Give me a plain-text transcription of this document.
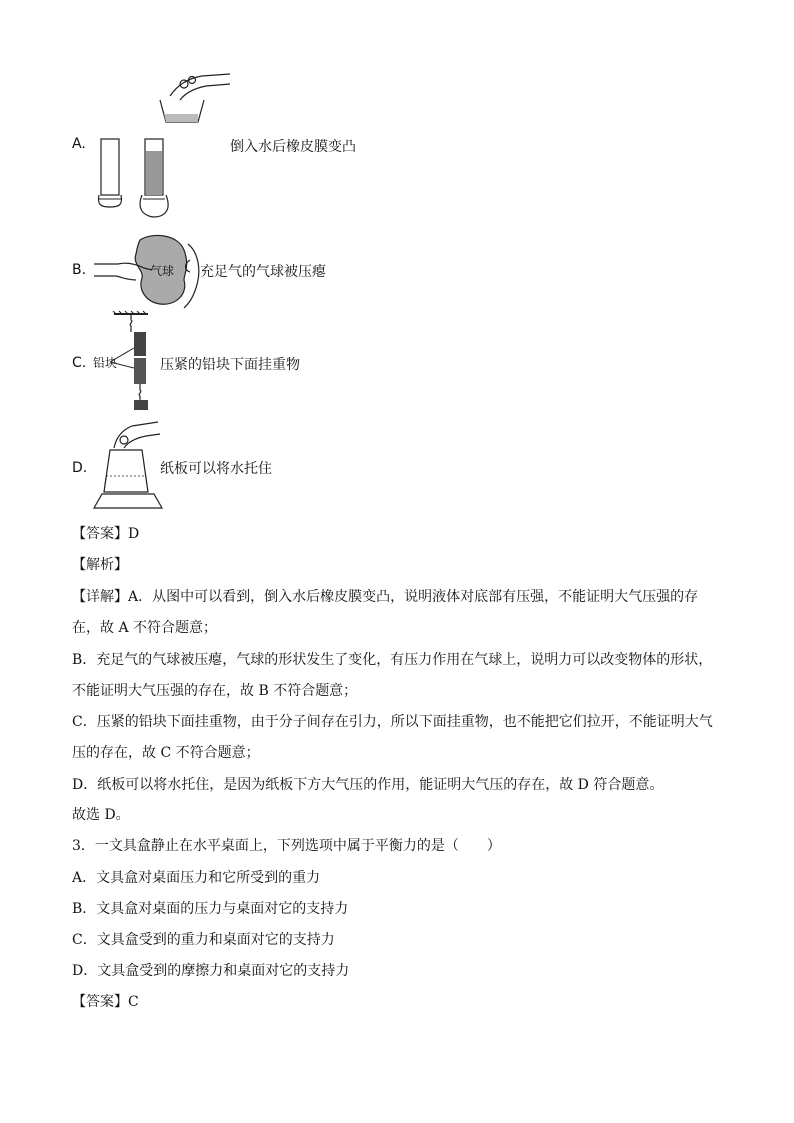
A.	倒入水后橡皮膜变凸
B.	气球 充足气的气球被压瘪
C. 铅块	压紧的铅块下面挂重物
D.	纸板可以将水托住
【答案】D
【解析】
【详解】A．从图中可以看到，倒入水后橡皮膜变凸，说明液体对底部有压强，不能证明大气压强的存
在，故 A 不符合题意；
B．充足气的气球被压瘪，气球的形状发生了变化，有压力作用在气球上，说明力可以改变物体的形状，
不能证明大气压强的存在，故 B 不符合题意；
C．压紧的铅块下面挂重物，由于分子间存在引力，所以下面挂重物，也不能把它们拉开，不能证明大气
压的存在，故 C 不符合题意；
D．纸板可以将水托住，是因为纸板下方大气压的作用，能证明大气压的存在，故 D 符合题意。
故选 D。
3．一文具盒静止在水平桌面上，下列选项中属于平衡力的是（　　）
A．文具盒对桌面压力和它所受到的重力
B．文具盒对桌面的压力与桌面对它的支持力
C．文具盒受到的重力和桌面对它的支持力
D．文具盒受到的摩擦力和桌面对它的支持力
【答案】C
